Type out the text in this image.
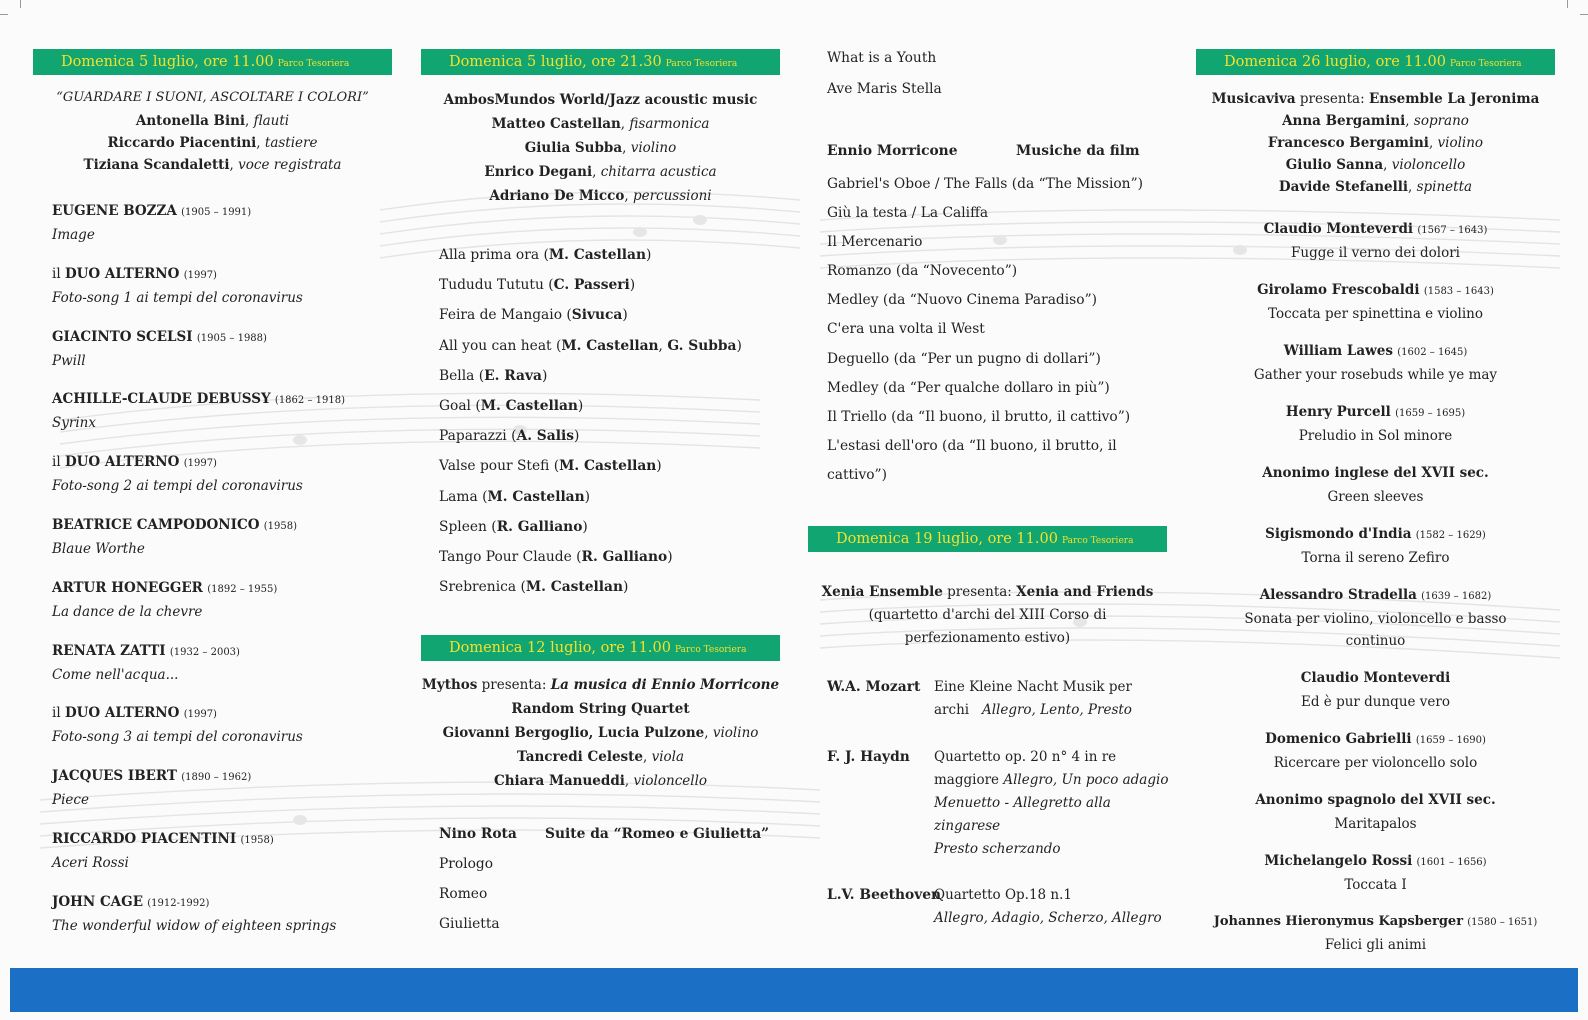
Domenica 5 luglio, ore 11.00 Parco Tesoriera
“GUARDARE I SUONI, ASCOLTARE I COLORI”
Antonella Bini, flauti
Riccardo Piacentini, tastiere
Tiziana Scandaletti, voce registrata
EUGENE BOZZA (1905 – 1991)
Image
il DUO ALTERNO (1997)
Foto-song 1 ai tempi del coronavirus
GIACINTO SCELSI (1905 – 1988)
Pwill
ACHILLE-CLAUDE DEBUSSY (1862 – 1918)
Syrinx
il DUO ALTERNO (1997)
Foto-song 2 ai tempi del coronavirus
BEATRICE CAMPODONICO (1958)
Blaue Worthe
ARTUR HONEGGER (1892 – 1955)
La dance de la chevre
RENATA ZATTI (1932 – 2003)
Come nell'acqua...
il DUO ALTERNO (1997)
Foto-song 3 ai tempi del coronavirus
JACQUES IBERT (1890 – 1962)
Piece
RICCARDO PIACENTINI (1958)
Aceri Rossi
JOHN CAGE (1912-1992)
The wonderful widow of eighteen springs
Domenica 5 luglio, ore 21.30 Parco Tesoriera
AmbosMundos World/Jazz acoustic music
Matteo Castellan, fisarmonica
Giulia Subba, violino
Enrico Degani, chitarra acustica
Adriano De Micco, percussioni
Alla prima ora (M. Castellan)
Tududu Tututu (C. Passeri)
Feira de Mangaio (Sivuca)
All you can heat (M. Castellan, G. Subba)
Bella (E. Rava)
Goal (M. Castellan)
Paparazzi (A. Salis)
Valse pour Stefi (M. Castellan)
Lama (M. Castellan)
Spleen (R. Galliano)
Tango Pour Claude (R. Galliano)
Srebrenica (M. Castellan)
Domenica 12 luglio, ore 11.00 Parco Tesoriera
Mythos presenta: La musica di Ennio Morricone
Random String Quartet
Giovanni Bergoglio, Lucia Pulzone, violino
Tancredi Celeste, viola
Chiara Manueddi, violoncello
Nino Rota Suite da “Romeo e Giulietta”
Prologo
Romeo
Giulietta
What is a Youth
Ave Maris Stella
Ennio Morricone	Musiche da film
Gabriel's Oboe / The Falls (da “The Mission”)
Giù la testa / La Califfa
Il Mercenario
Romanzo (da “Novecento”)
Medley (da “Nuovo Cinema Paradiso”)
C'era una volta il West
Deguello (da “Per un pugno di dollari”)
Medley (da “Per qualche dollaro in più”)
Il Triello (da “Il buono, il brutto, il cattivo”)
L'estasi dell'oro (da “Il buono, il brutto, il
cattivo”)
Domenica 19 luglio, ore 11.00 Parco Tesoriera
Xenia Ensemble presenta: Xenia and Friends
(quartetto d'archi del XIII Corso di
perfezionamento estivo)
W.A. Mozart Eine Kleine Nacht Musik per
archi Allegro, Lento, Presto
F. J. Haydn Quartetto op. 20 n° 4 in re
maggiore Allegro, Un poco adagio
Menuetto - Allegretto alla
zingarese
Presto scherzando
L.V. Beethoven
Quartetto Op.18 n.1
Allegro, Adagio, Scherzo, Allegro
Domenica 26 luglio, ore 11.00 Parco Tesoriera
Musicaviva presenta: Ensemble La Jeronima
Anna Bergamini, soprano
Francesco Bergamini, violino
Giulio Sanna, violoncello
Davide Stefanelli, spinetta
Claudio Monteverdi (1567 – 1643)
Fugge il verno dei dolori
Girolamo Frescobaldi (1583 – 1643)
Toccata per spinettina e violino
William Lawes (1602 – 1645)
Gather your rosebuds while ye may
Henry Purcell (1659 – 1695)
Preludio in Sol minore
Anonimo inglese del XVII sec.
Green sleeves
Sigismondo d'India (1582 – 1629)
Torna il sereno Zefiro
Alessandro Stradella (1639 – 1682)
Sonata per violino, violoncello e basso
continuo
Claudio Monteverdi
Ed è pur dunque vero
Domenico Gabrielli (1659 – 1690)
Ricercare per violoncello solo
Anonimo spagnolo del XVII sec.
Maritapalos
Michelangelo Rossi (1601 – 1656)
Toccata I
Johannes Hieronymus Kapsberger (1580 – 1651)
Felici gli animi
